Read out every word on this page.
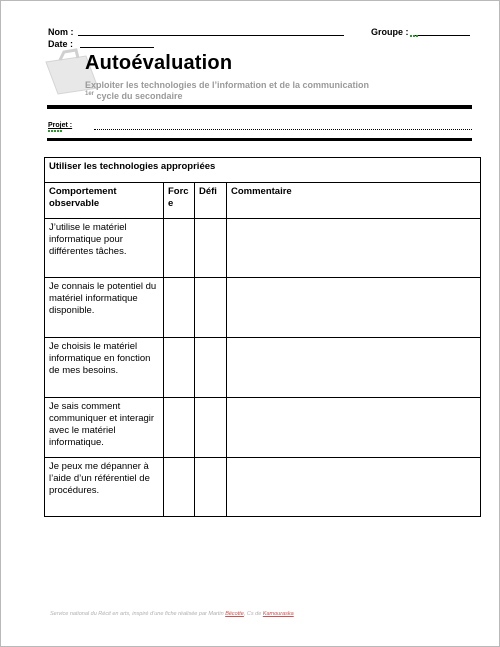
Nom :
Date :
Groupe :
Autoévaluation
Exploiter les technologies de l’information et de la communication
$^{1er}$ cycle du secondaire
Projet :
Utiliser les technologies appropriées			
Comportement observable	Force	Défi	Commentaire
J’utilise le matériel informatique pour différentes tâches.			
Je connais le potentiel du matériel informatique disponible.			
Je choisis le matériel informatique en fonction de mes besoins.			
Je sais comment communiquer et interagir avec le matériel informatique.			
Je peux me dépanner à l’aide d’un référentiel de procédures.			
Service national du Récit en arts, inspiré d’une fiche réalisée par Martin Bécotte, Cs de Kamouraska
